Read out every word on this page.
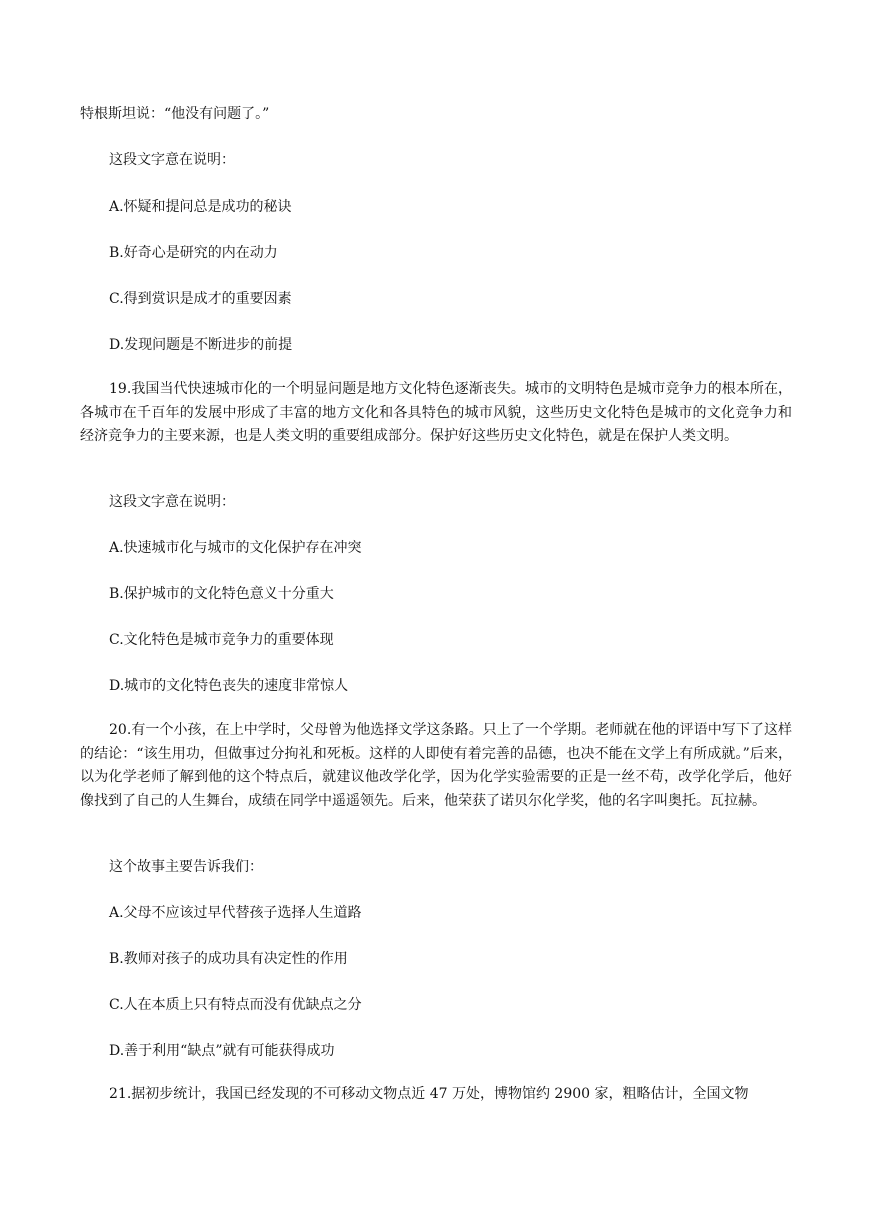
特根斯坦说：“他没有问题了。”
这段文字意在说明：
A.怀疑和提问总是成功的秘诀
B.好奇心是研究的内在动力
C.得到赏识是成才的重要因素
D.发现问题是不断进步的前提
19.我国当代快速城市化的一个明显问题是地方文化特色逐渐丧失。城市的文明特色是城市竞争力的根本所在，各城市在千百年的发展中形成了丰富的地方文化和各具特色的城市风貌，这些历史文化特色是城市的文化竞争力和经济竞争力的主要来源，也是人类文明的重要组成部分。保护好这些历史文化特色，就是在保护人类文明。
这段文字意在说明：
A.快速城市化与城市的文化保护存在冲突
B.保护城市的文化特色意义十分重大
C.文化特色是城市竞争力的重要体现
D.城市的文化特色丧失的速度非常惊人
20.有一个小孩，在上中学时，父母曾为他选择文学这条路。只上了一个学期。老师就在他的评语中写下了这样的结论：“该生用功，但做事过分拘礼和死板。这样的人即使有着完善的品德，也决不能在文学上有所成就。”后来，以为化学老师了解到他的这个特点后，就建议他改学化学，因为化学实验需要的正是一丝不苟，改学化学后，他好像找到了自己的人生舞台，成绩在同学中遥遥领先。后来，他荣获了诺贝尔化学奖，他的名字叫奥托。瓦拉赫。
这个故事主要告诉我们：
A.父母不应该过早代替孩子选择人生道路
B.教师对孩子的成功具有决定性的作用
C.人在本质上只有特点而没有优缺点之分
D.善于利用“缺点”就有可能获得成功
21.据初步统计，我国已经发现的不可移动文物点近 47 万处，博物馆约 2900 家，粗略估计，全国文物
